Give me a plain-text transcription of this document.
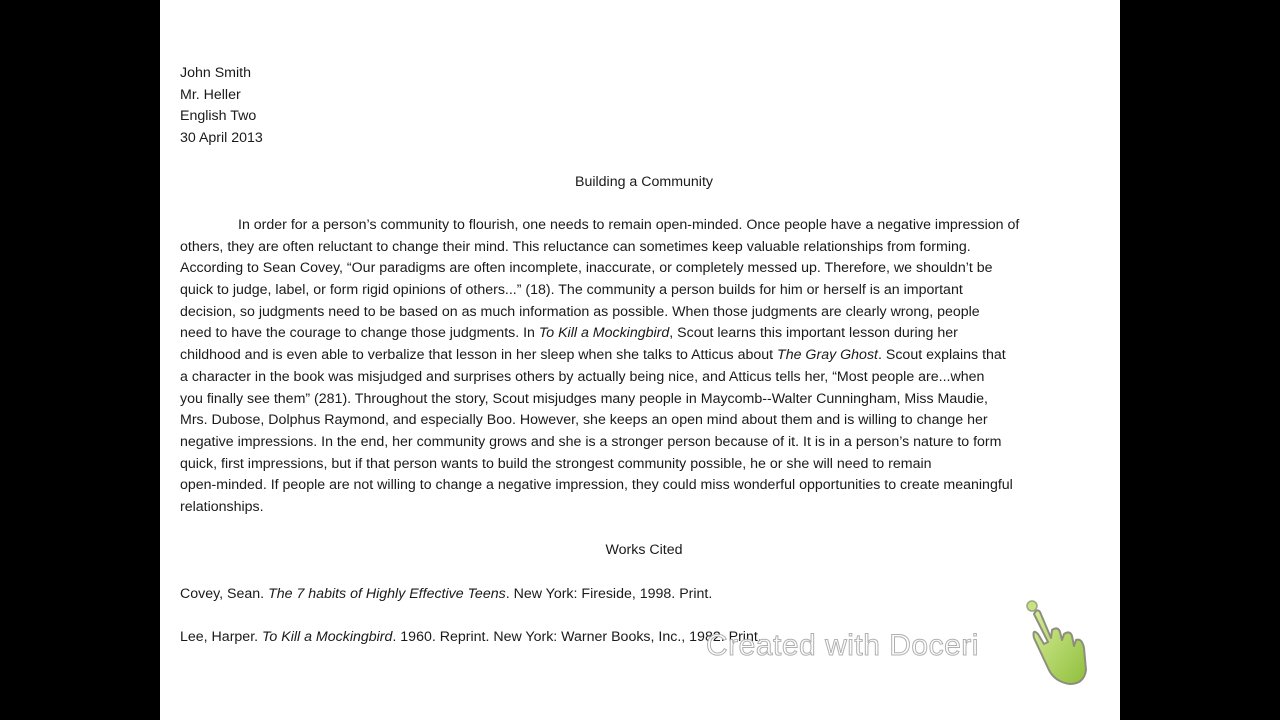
John Smith
Mr. Heller
English Two
30 April 2013
Building a Community
In order for a person’s community to flourish, one needs to remain open-minded. Once people have a negative impression of
others, they are often reluctant to change their mind. This reluctance can sometimes keep valuable relationships from forming.
According to Sean Covey, “Our paradigms are often incomplete, inaccurate, or completely messed up. Therefore, we shouldn’t be
quick to judge, label, or form rigid opinions of others...” (18). The community a person builds for him or herself is an important
decision, so judgments need to be based on as much information as possible. When those judgments are clearly wrong, people
need to have the courage to change those judgments. In To Kill a Mockingbird, Scout learns this important lesson during her
childhood and is even able to verbalize that lesson in her sleep when she talks to Atticus about The Gray Ghost. Scout explains that
a character in the book was misjudged and surprises others by actually being nice, and Atticus tells her, “Most people are...when
you finally see them” (281). Throughout the story, Scout misjudges many people in Maycomb--Walter Cunningham, Miss Maudie,
Mrs. Dubose, Dolphus Raymond, and especially Boo. However, she keeps an open mind about them and is willing to change her
negative impressions. In the end, her community grows and she is a stronger person because of it. It is in a person’s nature to form
quick, first impressions, but if that person wants to build the strongest community possible, he or she will need to remain
open-minded. If people are not willing to change a negative impression, they could miss wonderful opportunities to create meaningful
relationships.
Works Cited
Covey, Sean. The 7 habits of Highly Effective Teens. New York: Fireside, 1998. Print.
Lee, Harper. To Kill a Mockingbird. 1960. Reprint. New York: Warner Books, Inc., 1982. Print.
Created with Doceri
